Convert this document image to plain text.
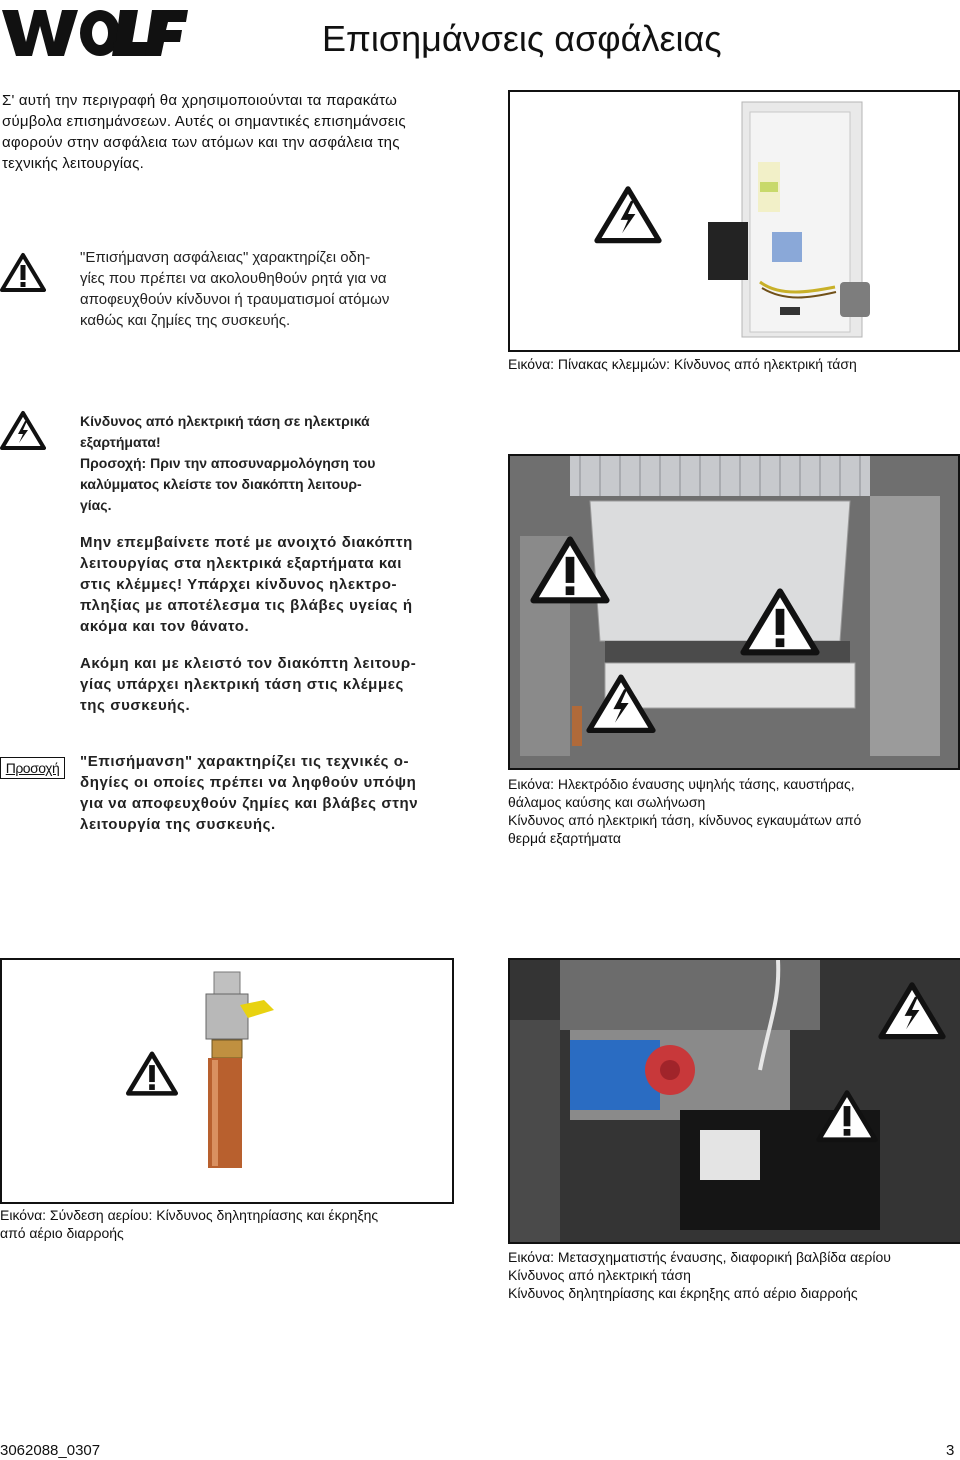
WOLF
Επισημάνσεις ασφάλειας
Σ' αυτή την περιγραφή θα χρησιμοποιούνται τα παρακάτω
σύμβολα επισημάνσεων. Αυτές οι σημαντικές επισημάνσεις
αφορούν στην ασφάλεια των ατόμων και την ασφάλεια της
τεχνικής λειτουργίας.
"Επισήμανση ασφάλειας" χαρακτηρίζει οδη-
γίες που πρέπει να ακολουθηθούν ρητά για να
αποφευχθούν κίνδυνοι ή τραυματισμοί ατόμων
καθώς και ζημίες της συσκευής.
Κίνδυνος από ηλεκτρική τάση σε ηλεκτρικά
εξαρτήματα!
Προσοχή: Πριν την αποσυναρμολόγηση του
καλύμματος κλείστε τον διακόπτη λειτουρ-
γίας.
Μην επεμβαίνετε ποτέ με ανοιχτό διακόπτη
λειτουργίας στα ηλεκτρικά εξαρτήματα και
στις κλέμμες! Υπάρχει κίνδυνος ηλεκτρο-
πληξίας με αποτέλεσμα τις βλάβες υγείας ή
ακόμα και τον θάνατο.
Ακόμη και με κλειστό τον διακόπτη λειτουρ-
γίας υπάρχει ηλεκτρική τάση στις κλέμμες
της συσκευής.
Προσοχή	"Επισήμανση" χαρακτηρίζει τις τεχνικές ο-
δηγίες οι οποίες πρέπει να ληφθούν υπόψη
για να αποφευχθούν ζημίες και βλάβες στην
λειτουργία της συσκευής.
Εικόνα: Πίνακας κλεμμών: Κίνδυνος από ηλεκτρική τάση
Εικόνα: Ηλεκτρόδιο έναυσης υψηλής τάσης, καυστήρας,
θάλαμος καύσης και σωλήνωση
Κίνδυνος από ηλεκτρική τάση, κίνδυνος εγκαυμάτων από
θερμά εξαρτήματα
Εικόνα: Σύνδεση αερίου: Κίνδυνος δηλητηρίασης και έκρηξης
από αέριο διαρροής
Εικόνα: Μετασχηματιστής έναυσης, διαφορική βαλβίδα αερίου
Κίνδυνος από ηλεκτρική τάση
Κίνδυνος δηλητηρίασης και έκρηξης από αέριο διαρροής
3062088_0307	3
